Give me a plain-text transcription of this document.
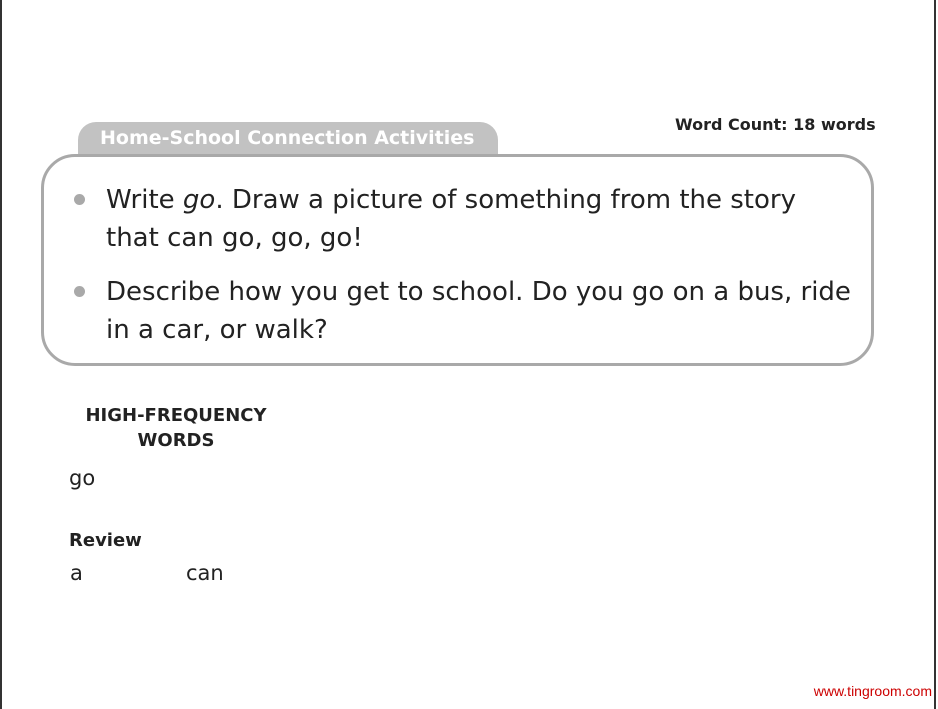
Word Count: 18 words
Home-School Connection Activities
Write go. Draw a picture of something from the story that can go, go, go!
Describe how you get to school. Do you go on a bus, ride in a car, or walk?
HIGH-FREQUENCY
WORDS
go
Review
a	can
www.tingroom.com
